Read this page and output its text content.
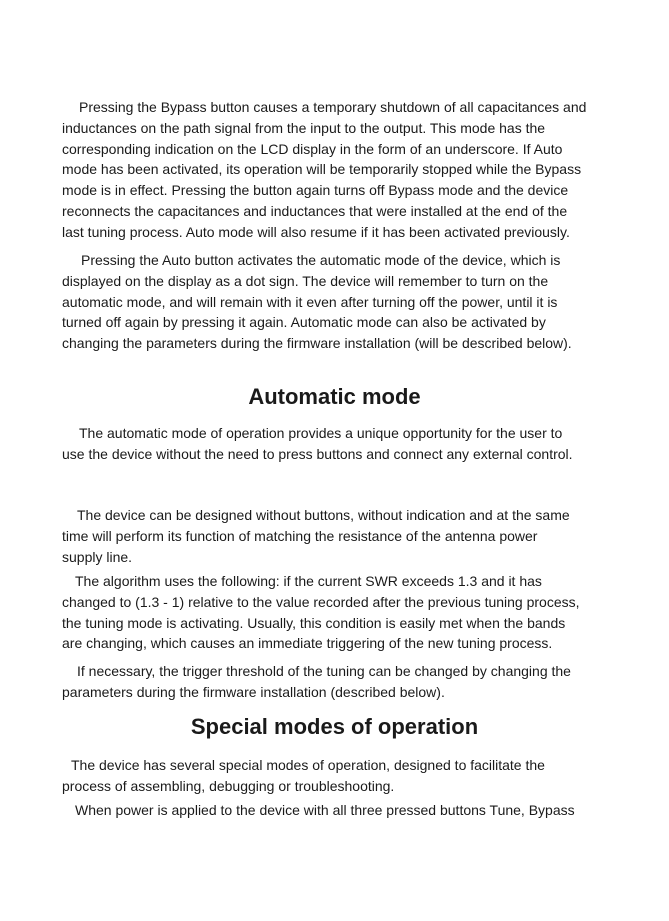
Pressing the Bypass button causes a temporary shutdown of all capacitances and
inductances on the path signal from the input to the output. This mode has the
corresponding indication on the LCD display in the form of an underscore. If Auto
mode has been activated, its operation will be temporarily stopped while the Bypass
mode is in effect. Pressing the button again turns off Bypass mode and the device
reconnects the capacitances and inductances that were installed at the end of the
last tuning process. Auto mode will also resume if it has been activated previously.

Pressing the Auto button activates the automatic mode of the device, which is
displayed on the display as a dot sign. The device will remember to turn on the
automatic mode, and will remain with it even after turning off the power, until it is
turned off again by pressing it again. Automatic mode can also be activated by
changing the parameters during the firmware installation (will be described below).

Automatic mode

The automatic mode of operation provides a unique opportunity for the user to
use the device without the need to press buttons and connect any external control.

The device can be designed without buttons, without indication and at the same
time will perform its function of matching the resistance of the antenna power
supply line.

The algorithm uses the following: if the current SWR exceeds 1.3 and it has
changed to (1.3 - 1) relative to the value recorded after the previous tuning process,
the tuning mode is activating. Usually, this condition is easily met when the bands
are changing, which causes an immediate triggering of the new tuning process.

If necessary, the trigger threshold of the tuning can be changed by changing the
parameters during the firmware installation (described below).

Special modes of operation

The device has several special modes of operation, designed to facilitate the
process of assembling, debugging or troubleshooting.

When power is applied to the device with all three pressed buttons Tune, Bypass
